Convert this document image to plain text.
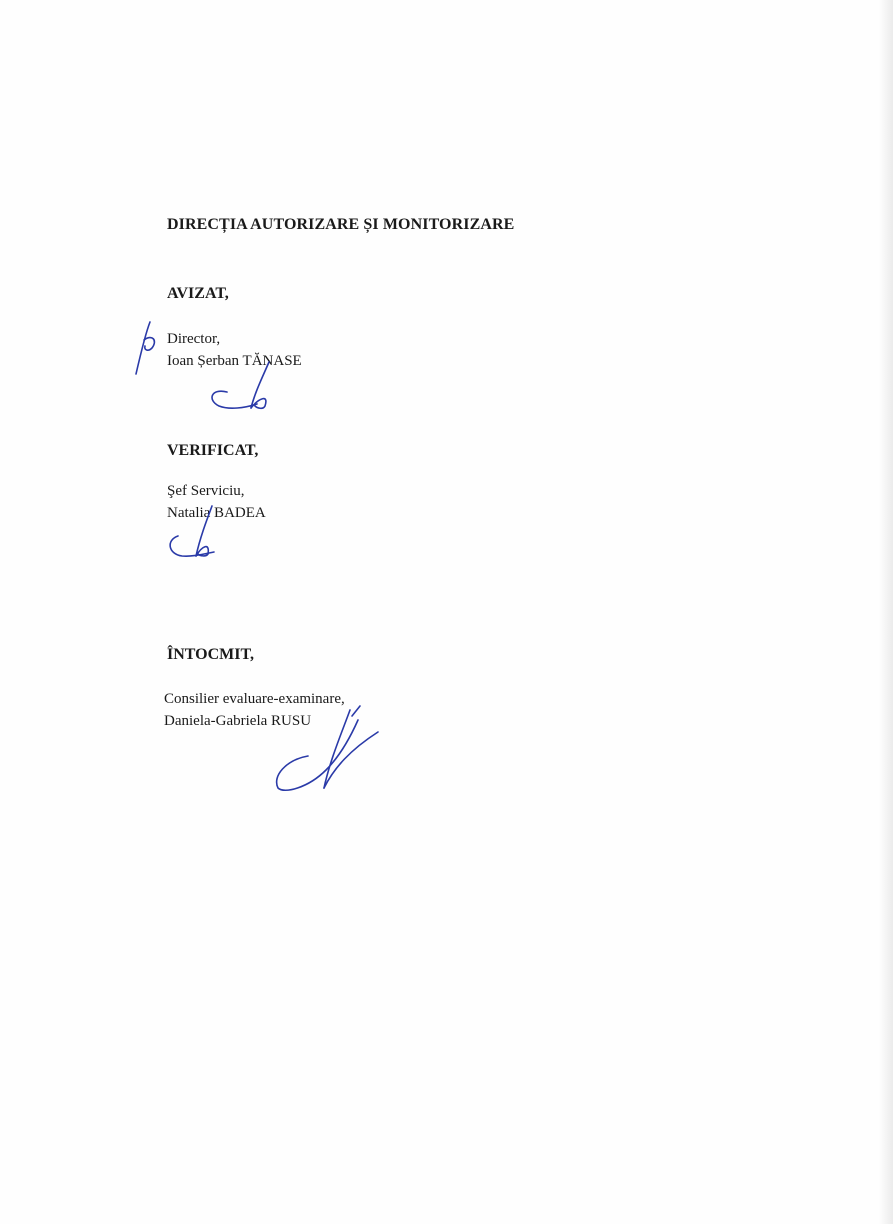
DIRECȚIA AUTORIZARE ȘI MONITORIZARE
AVIZAT,
Director,
Ioan Șerban TĂNASE
VERIFICAT,
Şef Serviciu,
Natalia BADEA
ÎNTOCMIT,
Consilier evaluare-examinare,
Daniela-Gabriela RUSU
